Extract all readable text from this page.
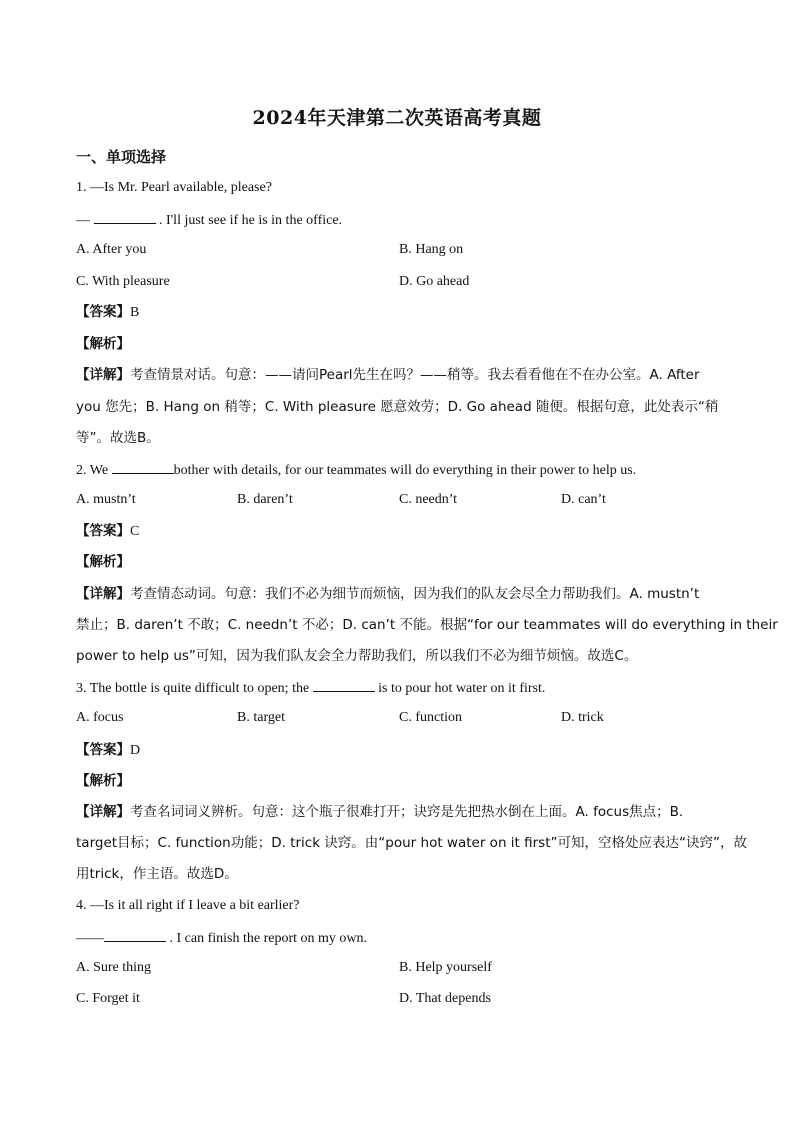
2024年天津第二次英语高考真题
一、单项选择
1. —Is Mr. Pearl available, please?
—	. I'll just see if he is in the office.
A. After you	B. Hang on
C. With pleasure	D. Go ahead
【答案】B
【解析】
【详解】考查情景对话。句意：——请问Pearl先生在吗？——稍等。我去看看他在不在办公室。A. After
you 您先；B. Hang on 稍等；C. With pleasure 愿意效劳；D. Go ahead 随便。根据句意，此处表示“稍
等”。故选B。
2. We	bother with details, for our teammates will do everything in their power to help us.
A. mustn’t	B. daren’t	C. needn’t	D. can’t
【答案】C
【解析】
【详解】考查情态动词。句意：我们不必为细节而烦恼，因为我们的队友会尽全力帮助我们。A. mustn’t
禁止；B. daren’t 不敢；C. needn’t 不必；D. can’t 不能。根据“for our teammates will do everything in their
power to help us”可知，因为我们队友会全力帮助我们，所以我们不必为细节烦恼。故选C。
3. The bottle is quite difficult to open; the	is to pour hot water on it first.
A. focus	B. target	C. function	D. trick
【答案】D
【解析】
【详解】考查名词词义辨析。句意：这个瓶子很难打开；诀窍是先把热水倒在上面。A. focus焦点；B.
target目标；C. function功能；D. trick 诀窍。由“pour hot water on it first”可知，空格处应表达“诀窍”，故
用trick，作主语。故选D。
4. —Is it all right if I leave a bit earlier?
——	. I can finish the report on my own.
A. Sure thing	B. Help yourself
C. Forget it	D. That depends
